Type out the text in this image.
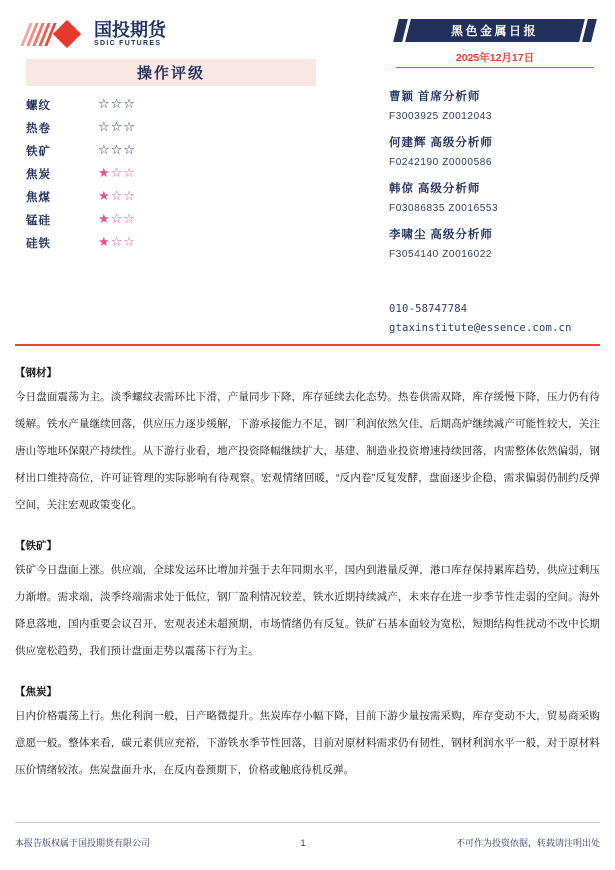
国投期货
SDIC FUTURES
操作评级
螺纹	☆☆☆
热卷	☆☆☆
铁矿	☆☆☆
焦炭	★☆☆
焦煤	★☆☆
锰硅	★☆☆
硅铁	★☆☆
黑色金属日报
2025年12月17日
曹颖 首席分析师
F3003925 Z0012043
何建辉 高级分析师
F0242190 Z0000586
韩倞 高级分析师
F03086835 Z0016553
李啸尘 高级分析师
F3054140 Z0016022
010-58747784
gtaxinstitute@essence.com.cn
【钢材】
今日盘面震荡为主。淡季螺纹表需环比下滑，产量同步下降，库存延续去化态势。热卷供需双降，库存缓慢下降，压力仍有待缓解。铁水产量继续回落，供应压力逐步缓解，下游承接能力不足，钢厂利润依然欠佳，后期高炉继续减产可能性较大，关注唐山等地环保限产持续性。从下游行业看，地产投资降幅继续扩大，基建、制造业投资增速持续回落，内需整体依然偏弱，钢材出口维持高位，许可证管理的实际影响有待观察。宏观情绪回暖，“反内卷”反复发酵，盘面逐步企稳，需求偏弱仍制约反弹空间，关注宏观政策变化。
【铁矿】
铁矿今日盘面上涨。供应端，全球发运环比增加并强于去年同期水平，国内到港量反弹，港口库存保持累库趋势，供应过剩压力渐增。需求端，淡季终端需求处于低位，钢厂盈利情况较差，铁水近期持续减产，未来存在进一步季节性走弱的空间。海外降息落地，国内重要会议召开，宏观表述未超预期，市场情绪仍有反复。铁矿石基本面较为宽松，短期结构性扰动不改中长期供应宽松趋势，我们预计盘面走势以震荡下行为主。
【焦炭】
日内价格震荡上行。焦化利润一般，日产略微提升。焦炭库存小幅下降，目前下游少量按需采购，库存变动不大，贸易商采购意愿一般。整体来看，碳元素供应充裕，下游铁水季节性回落，目前对原材料需求仍有韧性，钢材利润水平一般，对于原材料压价情绪较浓。焦炭盘面升水，在反内卷预期下，价格或触底待机反弹。
本报告版权属于国投期货有限公司	1	不可作为投资依据，转载请注明出处
